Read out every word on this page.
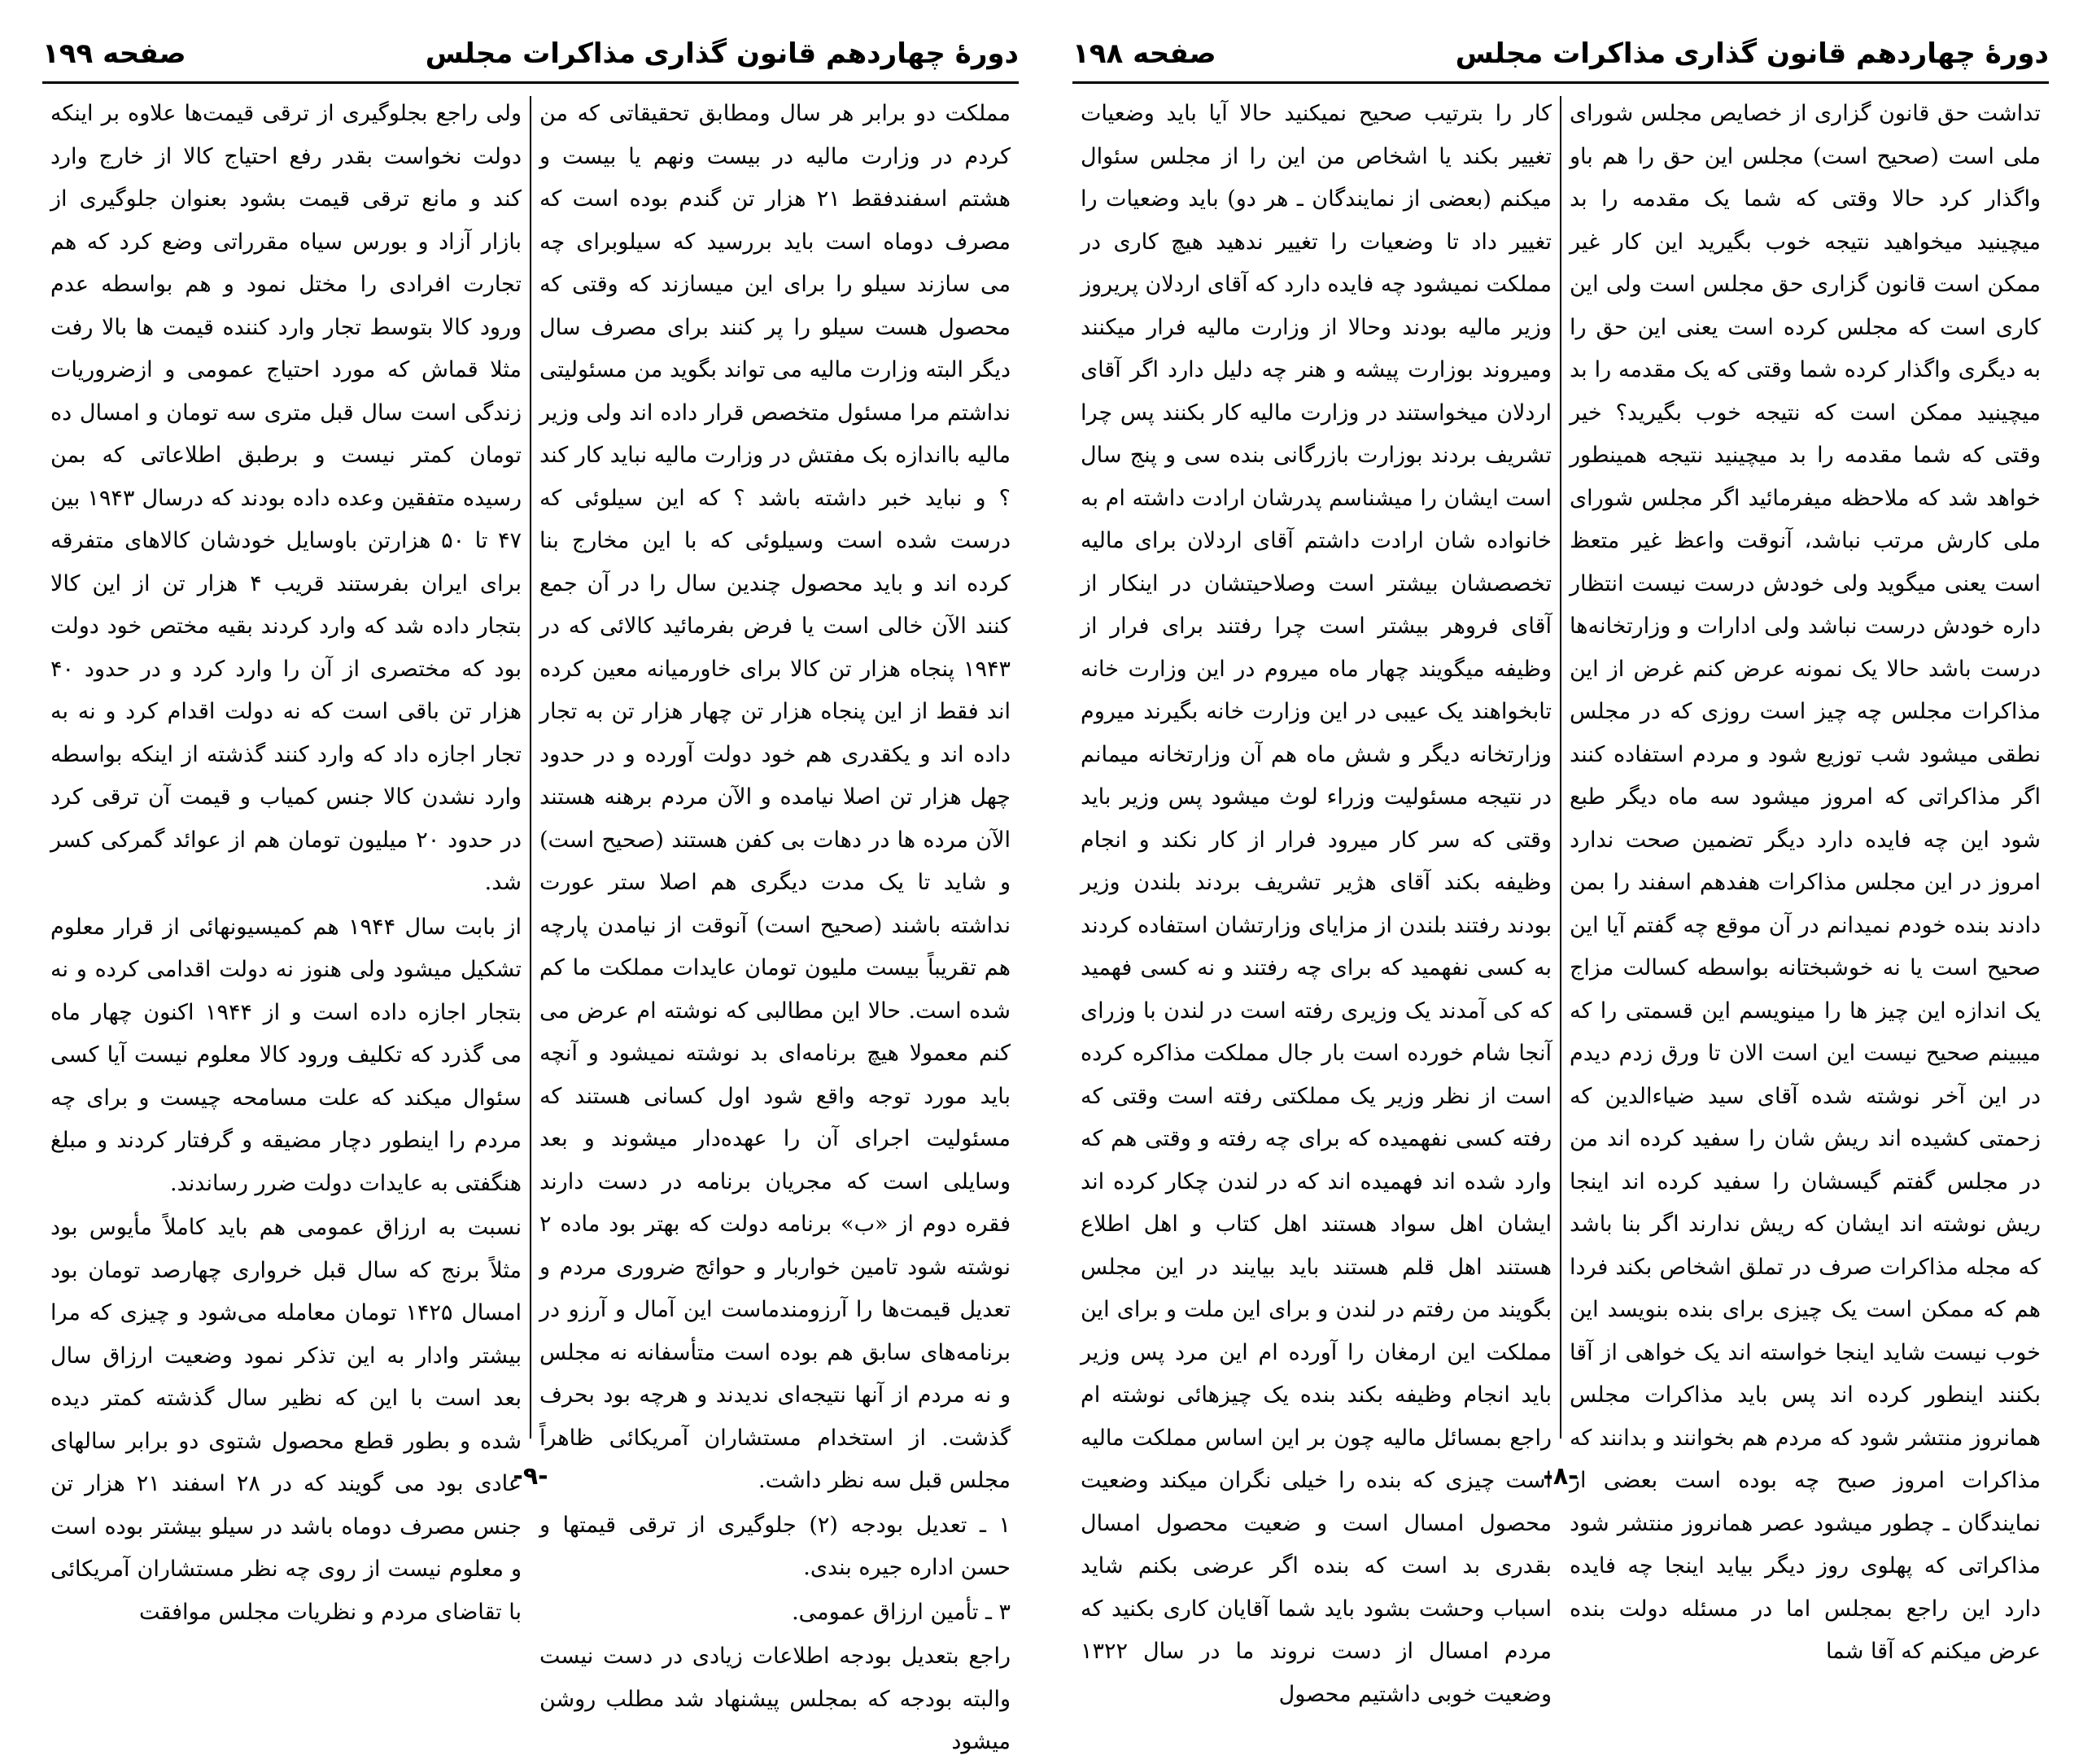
دورهٔ چهاردهم قانون گذاری
مذاکرات مجلس
صفحه ۱۹۹

مملکت دو برابر هر سال ومطابق تحقیقاتی که من کردم در وزارت مالیه در بیست ونهم یا بیست و هشتم اسفندفقط ۲۱ هزار تن گندم بوده است که مصرف دوماه است باید بررسید که سیلوبرای چه می سازند سیلو را برای این میسازند که وقتی که محصول هست سیلو را پر کنند برای مصرف سال دیگر البته وزارت مالیه می تواند بگوید من مسئولیتی نداشتم مرا مسئول متخصص قرار داده اند ولی وزیر مالیه بااندازه بک مفتش در وزارت مالیه نباید کار کند ؟ و نباید خبر داشته باشد ؟ که این سیلوئی که درست شده است وسیلوئی که با این مخارج بنا کرده اند و باید محصول چندین سال را در آن جمع کنند الآن خالی است یا فرض بفرمائید کالائی که در ۱۹۴۳ پنجاه هزار تن کالا برای خاورمیانه معین کرده اند فقط از این پنجاه هزار تن چهار هزار تن به تجار داده اند و یکقدری هم خود دولت آورده و در حدود چهل هزار تن اصلا نیامده و الآن مردم برهنه هستند الآن مرده ها در دهات بی کفن هستند (صحیح است) و شاید تا یک مدت دیگری هم اصلا ستر عورت نداشته باشند (صحیح است) آنوقت از نیامدن پارچه هم تقریباً بیست ملیون تومان عایدات مملکت ما کم شده است. حالا این مطالبی که نوشته ام عرض می کنم معمولا هیچ برنامه‌ای بد نوشته نمیشود و آنچه باید مورد توجه واقع شود اول کسانی هستند که مسئولیت اجرای آن را عهده‌دار میشوند و بعد وسایلی است که مجریان برنامه در دست دارند فقره دوم از «ب» برنامه دولت که بهتر بود ماده ۲ نوشته شود تامین خواربار و حوائج ضروری مردم و تعدیل قیمت‌ها را آرزومندماست این آمال و آرزو در برنامه‌های سابق هم بوده است متأسفانه نه مجلس و نه مردم از آنها نتیجه‌ای ندیدند و هرچه بود بحرف گذشت. از استخدام مستشاران آمریکائی ظاهراً مجلس قبل سه نظر داشت.

۱ ـ تعدیل بودجه (۲) جلوگیری از ترقی قیمتها و حسن اداره جیره بندی.

۳ ـ تأمین ارزاق عمومی.

راجع بتعدیل بودجه اطلاعات زیادی در دست نیست والبته بودجه که بمجلس پیشنهاد شد مطلب روشن میشود

ولی راجع بجلوگیری از ترقی قیمت‌ها علاوه بر اینکه دولت نخواست بقدر رفع احتیاج کالا از خارج وارد کند و مانع ترقی قیمت بشود بعنوان جلوگیری از بازار آزاد و بورس سیاه مقرراتی وضع کرد که هم تجارت افرادی را مختل نمود و هم بواسطه عدم ورود کالا بتوسط تجار وارد کننده قیمت ها بالا رفت مثلا قماش که مورد احتیاج عمومی و ازضروریات زندگی است سال قبل متری سه تومان و امسال ده تومان کمتر نیست و برطبق اطلاعاتی که بمن رسیده متفقین وعده داده بودند که درسال ۱۹۴۳ بین ۴۷ تا ۵۰ هزارتن باوسایل خودشان کالاهای متفرقه برای ایران بفرستند قریب ۴ هزار تن از این کالا بتجار داده شد که وارد کردند بقیه مختص خود دولت بود که مختصری از آن را وارد کرد و در حدود ۴۰ هزار تن باقی است که نه دولت اقدام کرد و نه به تجار اجازه داد که وارد کنند گذشته از اینکه بواسطه وارد نشدن کالا جنس کمیاب و قیمت آن ترقی کرد در حدود ۲۰ میلیون تومان هم از عوائد گمرکی کسر شد.

از بابت سال ۱۹۴۴ هم کمیسیونهائی از قرار معلوم تشکیل میشود ولی هنوز نه دولت اقدامی کرده و نه بتجار اجازه داده است و از ۱۹۴۴ اکنون چهار ماه می گذرد که تکلیف ورود کالا معلوم نیست آیا کسی سئوال میکند که علت مسامحه چیست و برای چه مردم را اینطور دچار مضیقه و گرفتار کردند و مبلغ هنگفتی به عایدات دولت ضرر رساندند.

نسبت به ارزاق عمومی هم باید کاملاً مأیوس بود مثلاً برنج که سال قبل خرواری چهارصد تومان بود امسال ۱۴۲۵ تومان معامله می‌شود و چیزی که مرا بیشتر وادار به این تذکر نمود وضعیت ارزاق سال بعد است با این که نظیر سال گذشته کمتر دیده شده و بطور قطع محصول شتوی دو برابر سالهای عادی بود می گویند که در ۲۸ اسفند ۲۱ هزار تن جنس مصرف دوماه باشد در سیلو بیشتر بوده است و معلوم نیست از روی چه نظر مستشاران آمریکائی با تقاضای مردم و نظریات مجلس موافقت

-۹-
دورهٔ چهاردهم قانون گذاری
مذاکرات مجلس
صفحه ۱۹۸

تداشت حق قانون گزاری از خصایص مجلس شورای ملی است (صحیح است) مجلس این حق را هم باو واگذار کرد حالا وقتی که شما یک مقدمه را بد میچینید میخواهید نتیجه خوب بگیرید این کار غیر ممکن است قانون گزاری حق مجلس است ولی این کاری است که مجلس کرده است یعنی این حق را به دیگری واگذار کرده شما وقتی که یک مقدمه را بد میچینید ممکن است که نتیجه خوب بگیرید؟ خیر وقتی که شما مقدمه را بد میچینید نتیجه همینطور خواهد شد که ملاحظه میفرمائید اگر مجلس شورای ملی کارش مرتب نباشد، آنوقت واعظ غیر متعظ است یعنی میگوید ولی خودش درست نیست انتظار داره خودش درست نباشد ولی ادارات و وزارتخانه‌ها درست باشد حالا یک نمونه عرض کنم غرض از این مذاکرات مجلس چه چیز است روزی که در مجلس نطقی میشود شب توزیع شود و مردم استفاده کنند اگر مذاکراتی که امروز میشود سه ماه دیگر طبع شود این چه فایده دارد دیگر تضمین صحت ندارد امروز در این مجلس مذاکرات هفدهم اسفند را بمن دادند بنده خودم نمیدانم در آن موقع چه گفتم آیا این صحیح است یا نه خوشبختانه بواسطه کسالت مزاج یک اندازه این چیز ها را مینویسم این قسمتی را که میبینم صحیح نیست این است الان تا ورق زدم دیدم در این آخر نوشته شده آقای سید ضیاءالدین که زحمتی کشیده اند ریش شان را سفید کرده اند من در مجلس گفتم گیسشان را سفید کرده اند اینجا ریش نوشته اند ایشان که ریش ندارند اگر بنا باشد که مجله مذاکرات صرف در تملق اشخاص بکند فردا هم که ممکن است یک چیزی برای بنده بنویسد این خوب نیست شاید اینجا خواسته اند یک خواهی از آقا بکنند اینطور کرده اند پس باید مذاکرات مجلس همانروز منتشر شود که مردم هم بخوانند و بدانند که مذاکرات امروز صبح چه بوده است بعضی از نمایندگان ـ چطور میشود عصر همانروز منتشر شود مذاکراتی که پهلوی روز دیگر بیاید اینجا چه فایده دارد این راجع بمجلس اما در مسئله دولت بنده عرض میکنم که آقا شما

کار را بترتیب صحیح نمیکنید حالا آیا باید وضعیات تغییر بکند یا اشخاص من این را از مجلس سئوال میکنم (بعضی از نمایندگان ـ هر دو) باید وضعیات را تغییر داد تا وضعیات را تغییر ندهید هیچ کاری در مملکت نمیشود چه فایده دارد که آقای اردلان پریروز وزیر مالیه بودند وحالا از وزارت مالیه فرار میکنند ومیروند بوزارت پیشه و هنر چه دلیل دارد اگر آقای اردلان میخواستند در وزارت مالیه کار بکنند پس چرا تشریف بردند بوزارت بازرگانی بنده سی و پنج سال است ایشان را میشناسم پدرشان ارادت داشته ام به خانواده شان ارادت داشتم آقای اردلان برای مالیه تخصصشان بیشتر است وصلاحیتشان در اینکار از آقای فروهر بیشتر است چرا رفتند برای فرار از وظیفه میگویند چهار ماه میروم در این وزارت خانه تابخواهند یک عیبی در این وزارت خانه بگیرند میروم وزارتخانه دیگر و شش ماه هم آن وزارتخانه میمانم در نتیجه مسئولیت وزراء لوث میشود پس وزیر باید وقتی که سر کار میرود فرار از کار نکند و انجام وظیفه بکند آقای هژیر تشریف بردند بلندن وزیر بودند رفتند بلندن از مزایای وزارتشان استفاده کردند به کسی نفهمید که برای چه رفتند و نه کسی فهمید که کی آمدند یک وزیری رفته است در لندن با وزرای آنجا شام خورده است بار جال مملکت مذاکره کرده است از نظر وزیر یک مملکتی رفته است وقتی که رفته کسی نفهمیده که برای چه رفته و وقتی هم که وارد شده اند فهمیده اند که در لندن چکار کرده اند ایشان اهل سواد هستند اهل کتاب و اهل اطلاع هستند اهل قلم هستند باید بیایند در این مجلس بگویند من رفتم در لندن و برای این ملت و برای این مملکت این ارمغان را آورده ام این مرد پس وزیر باید انجام وظیفه بکند بنده یک چیزهائی نوشته ام راجع بمسائل مالیه چون بر این اساس مملکت مالیه است چیزی که بنده را خیلی نگران میکند وضعیت محصول امسال است و ضعیت محصول امسال بقدری بد است که بنده اگر عرضی بکنم شاید اسباب وحشت بشود باید شما آقایان کاری بکنید که مردم امسال از دست نروند ما در سال ۱۳۲۲ وضعیت خوبی داشتیم محصول

-۸-
